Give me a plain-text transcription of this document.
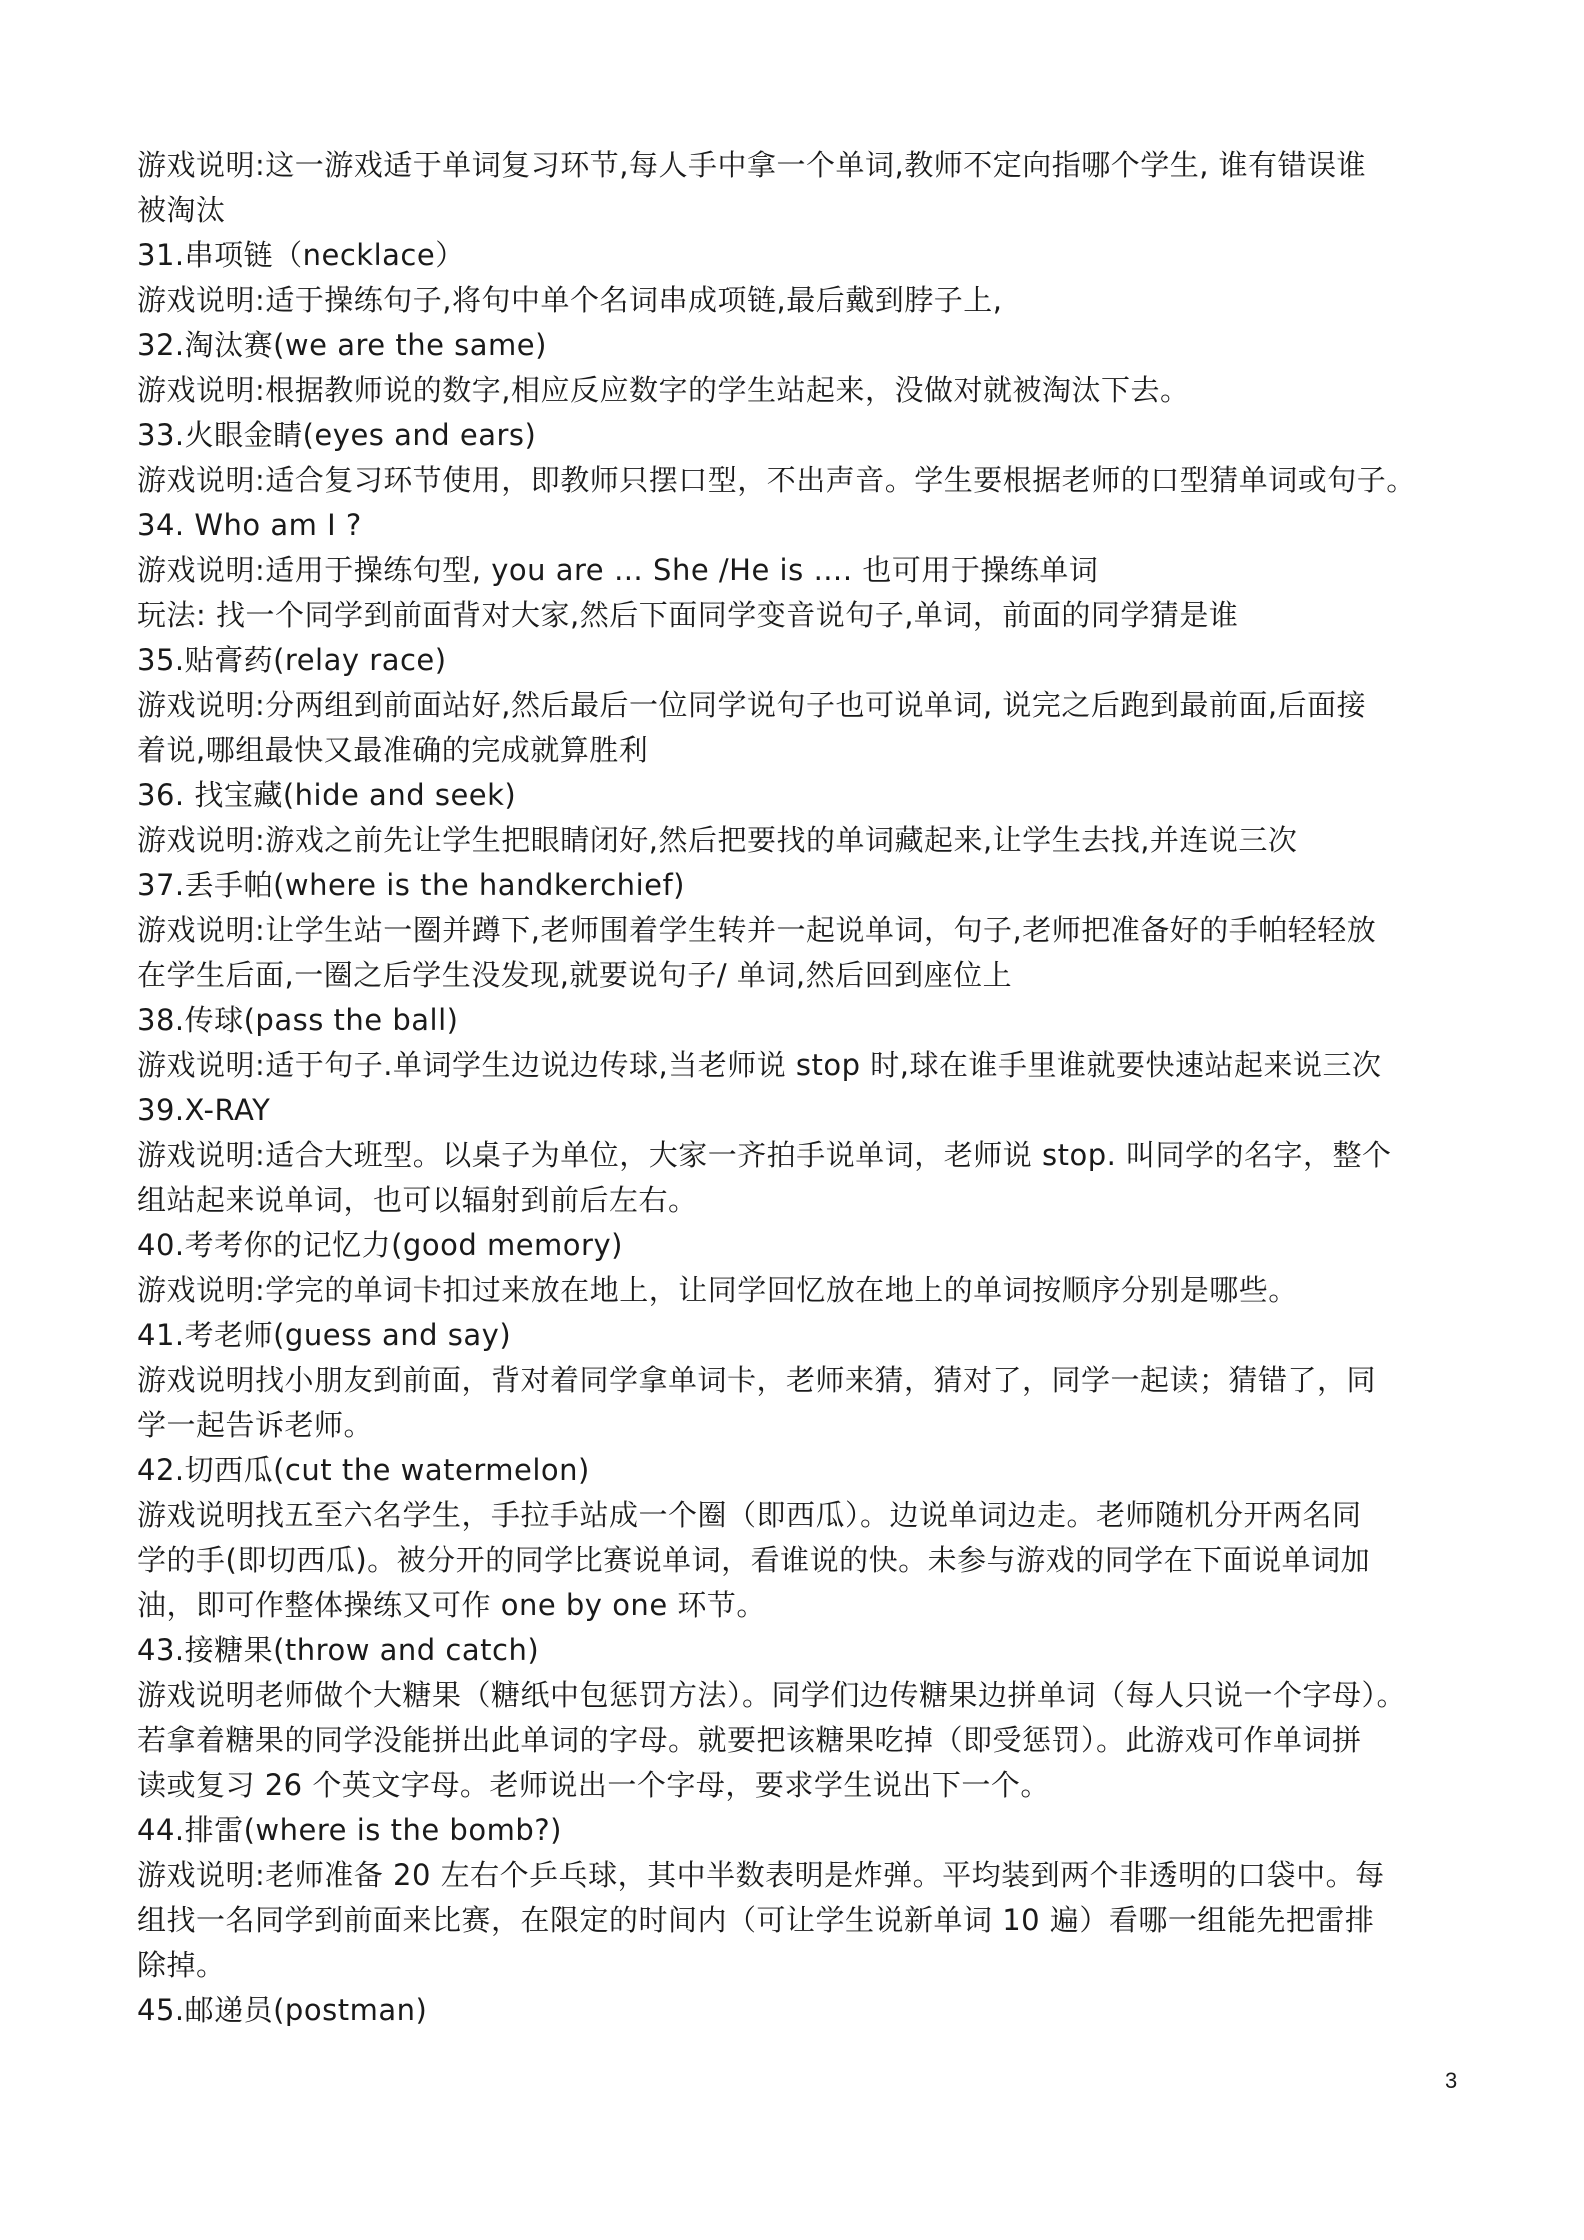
游戏说明:这一游戏适于单词复习环节,每人手中拿一个单词,教师不定向指哪个学生, 谁有错误谁
被淘汰
31.串项链（necklace）
游戏说明:适于操练句子,将句中单个名词串成项链,最后戴到脖子上,
32.淘汰赛(we are the same)
游戏说明:根据教师说的数字,相应反应数字的学生站起来，没做对就被淘汰下去。
33.火眼金睛(eyes and ears)
游戏说明:适合复习环节使用，即教师只摆口型，不出声音。学生要根据老师的口型猜单词或句子。
34. Who am I ?
游戏说明:适用于操练句型, you are … She /He is …. 也可用于操练单词
玩法: 找一个同学到前面背对大家,然后下面同学变音说句子,单词，前面的同学猜是谁
35.贴膏药(relay race)
游戏说明:分两组到前面站好,然后最后一位同学说句子也可说单词, 说完之后跑到最前面,后面接
着说,哪组最快又最准确的完成就算胜利
36. 找宝藏(hide and seek)
游戏说明:游戏之前先让学生把眼睛闭好,然后把要找的单词藏起来,让学生去找,并连说三次
37.丢手帕(where is the handkerchief)
游戏说明:让学生站一圈并蹲下,老师围着学生转并一起说单词，句子,老师把准备好的手帕轻轻放
在学生后面,一圈之后学生没发现,就要说句子/ 单词,然后回到座位上
38.传球(pass the ball)
游戏说明:适于句子.单词学生边说边传球,当老师说 stop 时,球在谁手里谁就要快速站起来说三次
39.X-RAY
游戏说明:适合大班型。以桌子为单位，大家一齐拍手说单词，老师说 stop. 叫同学的名字，整个
组站起来说单词，也可以辐射到前后左右。
40.考考你的记忆力(good memory)
游戏说明:学完的单词卡扣过来放在地上，让同学回忆放在地上的单词按顺序分别是哪些。
41.考老师(guess and say)
游戏说明找小朋友到前面，背对着同学拿单词卡，老师来猜，猜对了，同学一起读；猜错了，同
学一起告诉老师。
42.切西瓜(cut the watermelon)
游戏说明找五至六名学生，手拉手站成一个圈（即西瓜）。边说单词边走。老师随机分开两名同
学的手(即切西瓜)。被分开的同学比赛说单词，看谁说的快。未参与游戏的同学在下面说单词加
油，即可作整体操练又可作 one by one 环节。
43.接糖果(throw and catch)
游戏说明老师做个大糖果（糖纸中包惩罚方法）。同学们边传糖果边拼单词（每人只说一个字母）。
若拿着糖果的同学没能拼出此单词的字母。就要把该糖果吃掉（即受惩罚）。此游戏可作单词拼
读或复习 26 个英文字母。老师说出一个字母，要求学生说出下一个。
44.排雷(where is the bomb?)
游戏说明:老师准备 20 左右个乒乓球，其中半数表明是炸弹。平均装到两个非透明的口袋中。每
组找一名同学到前面来比赛，在限定的时间内（可让学生说新单词 10 遍）看哪一组能先把雷排
除掉。
45.邮递员(postman)
3
